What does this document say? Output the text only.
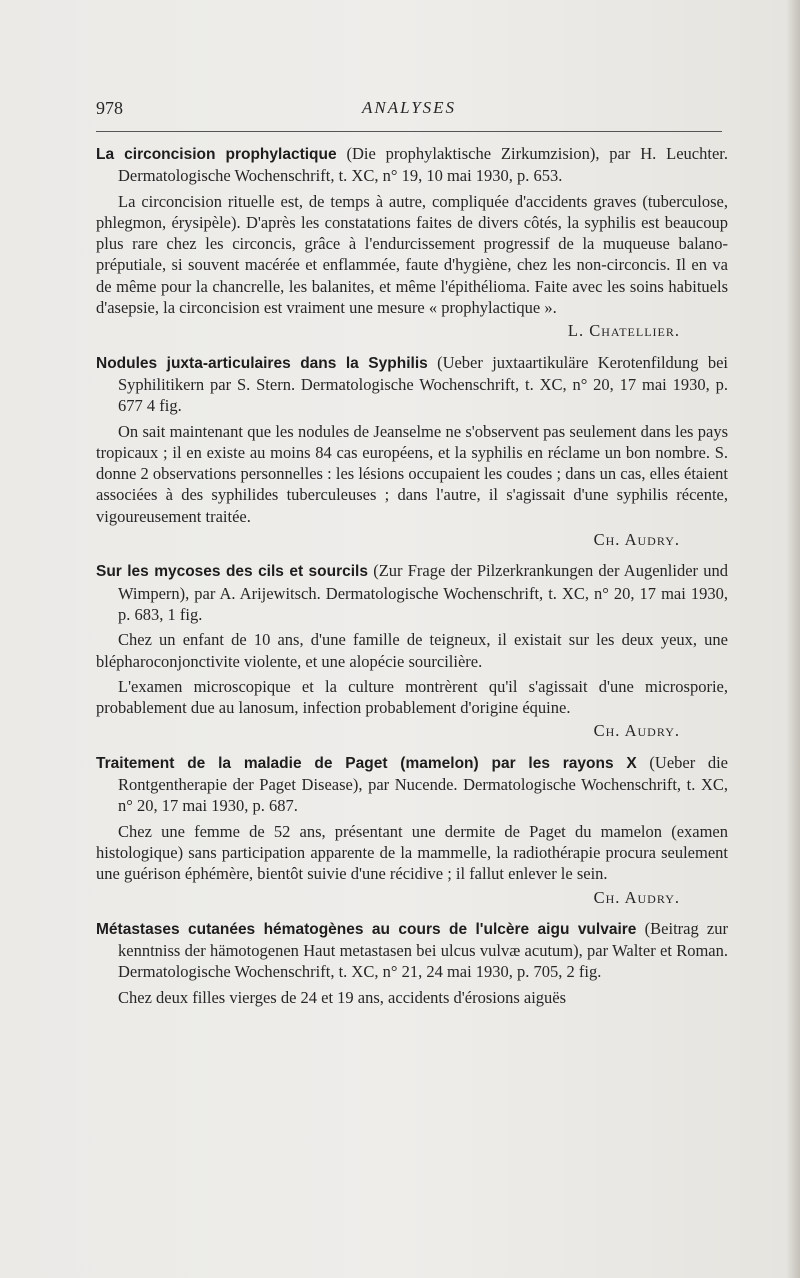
978	ANALYSES

La circoncision prophylactique (Die prophylaktische Zirkumzision), par H. Leuchter. Dermatologische Wochenschrift, t. XC, n° 19, 10 mai 1930, p. 653.

La circoncision rituelle est, de temps à autre, compliquée d'accidents graves (tuberculose, phlegmon, érysipèle). D'après les constatations faites de divers côtés, la syphilis est beaucoup plus rare chez les circoncis, grâce à l'endurcissement progressif de la muqueuse balano-préputiale, si souvent macérée et enflammée, faute d'hygiène, chez les non-circoncis. Il en va de même pour la chancrelle, les balanites, et même l'épithélioma. Faite avec les soins habituels d'asepsie, la circoncision est vraiment une mesure « prophylactique ».

L. Chatellier.

Nodules juxta-articulaires dans la Syphilis (Ueber juxtaartikuläre Kerotenfildung bei Syphilitikern par S. Stern. Dermatologische Wochenschrift, t. XC, n° 20, 17 mai 1930, p. 677 4 fig.

On sait maintenant que les nodules de Jeanselme ne s'observent pas seulement dans les pays tropicaux ; il en existe au moins 84 cas européens, et la syphilis en réclame un bon nombre. S. donne 2 observations personnelles : les lésions occupaient les coudes ; dans un cas, elles étaient associées à des syphilides tuberculeuses ; dans l'autre, il s'agissait d'une syphilis récente, vigoureusement traitée.

Ch. Audry.

Sur les mycoses des cils et sourcils (Zur Frage der Pilzerkrankungen der Augenlider und Wimpern), par A. Arijewitsch. Dermatologische Wochenschrift, t. XC, n° 20, 17 mai 1930, p. 683, 1 fig.

Chez un enfant de 10 ans, d'une famille de teigneux, il existait sur les deux yeux, une blépharoconjonctivite violente, et une alopécie sourcilière.

L'examen microscopique et la culture montrèrent qu'il s'agissait d'une microsporie, probablement due au lanosum, infection probablement d'origine équine.

Ch. Audry.

Traitement de la maladie de Paget (mamelon) par les rayons X (Ueber die Rontgentherapie der Paget Disease), par Nucende. Dermatologische Wochenschrift, t. XC, n° 20, 17 mai 1930, p. 687.

Chez une femme de 52 ans, présentant une dermite de Paget du mamelon (examen histologique) sans participation apparente de la mammelle, la radiothérapie procura seulement une guérison éphémère, bientôt suivie d'une récidive ; il fallut enlever le sein.

Ch. Audry.

Métastases cutanées hématogènes au cours de l'ulcère aigu vulvaire (Beitrag zur kenntniss der hämotogenen Haut metastasen bei ulcus vulvæ acutum), par Walter et Roman. Dermatologische Wochenschrift, t. XC, n° 21, 24 mai 1930, p. 705, 2 fig.

Chez deux filles vierges de 24 et 19 ans, accidents d'érosions aiguës
